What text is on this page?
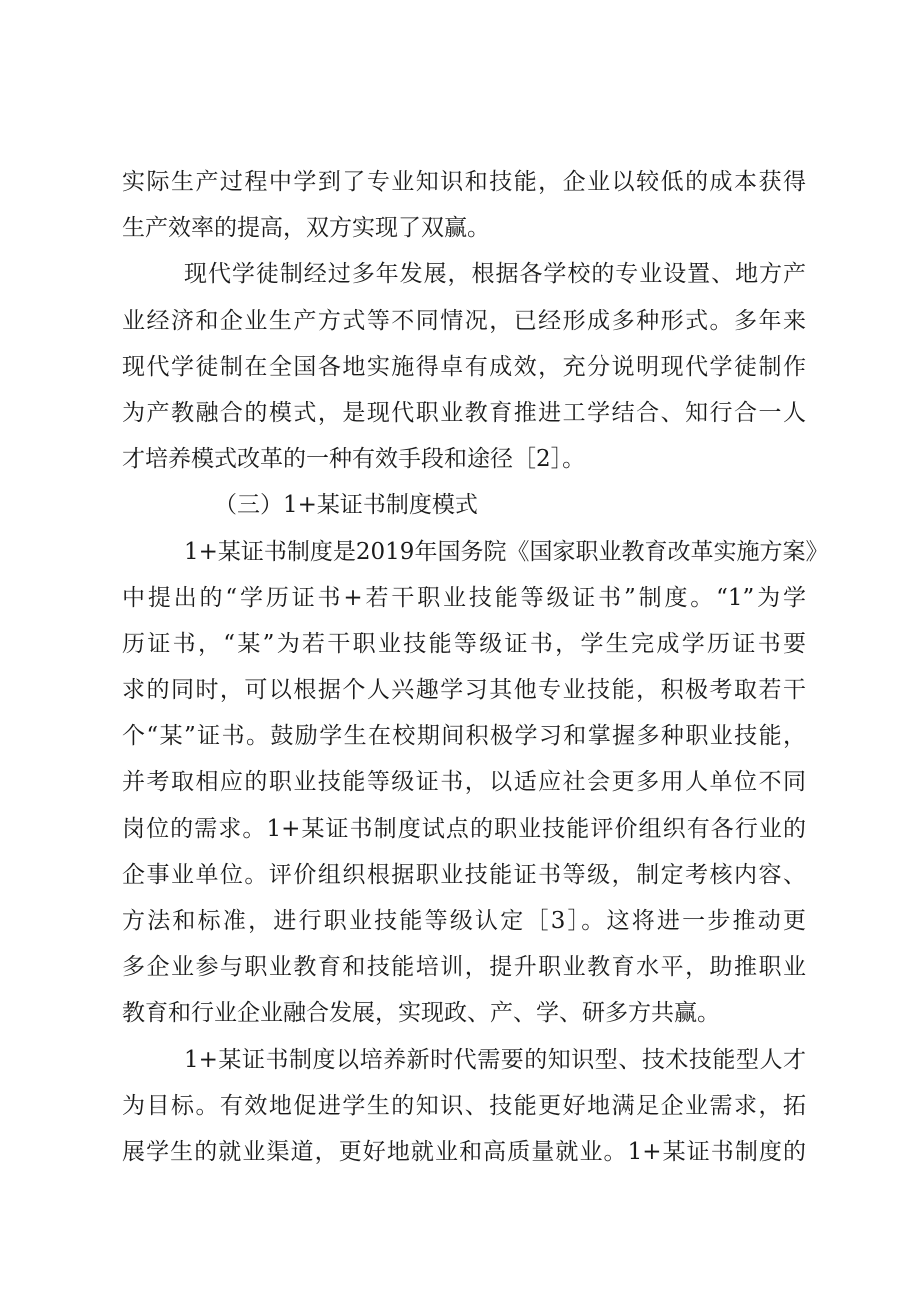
实际生产过程中学到了专业知识和技能，企业以较低的成本获得
生产效率的提高，双方实现了双赢。
现代学徒制经过多年发展，根据各学校的专业设置、地方产
业经济和企业生产方式等不同情况，已经形成多种形式。多年来
现代学徒制在全国各地实施得卓有成效，充分说明现代学徒制作
为产教融合的模式，是现代职业教育推进工学结合、知行合一人
才培养模式改革的一种有效手段和途径［2］。
（三）1+某证书制度模式
1+某证书制度是2019年国务院《国家职业教育改革实施方案》
中提出的“学历证书+若干职业技能等级证书”制度。“1”为学
历证书，“某”为若干职业技能等级证书，学生完成学历证书要
求的同时，可以根据个人兴趣学习其他专业技能，积极考取若干
个“某”证书。鼓励学生在校期间积极学习和掌握多种职业技能，
并考取相应的职业技能等级证书，以适应社会更多用人单位不同
岗位的需求。1+某证书制度试点的职业技能评价组织有各行业的
企事业单位。评价组织根据职业技能证书等级，制定考核内容、
方法和标准，进行职业技能等级认定［3］。这将进一步推动更
多企业参与职业教育和技能培训，提升职业教育水平，助推职业
教育和行业企业融合发展，实现政、产、学、研多方共赢。
1+某证书制度以培养新时代需要的知识型、技术技能型人才
为目标。有效地促进学生的知识、技能更好地满足企业需求，拓
展学生的就业渠道，更好地就业和高质量就业。1+某证书制度的
